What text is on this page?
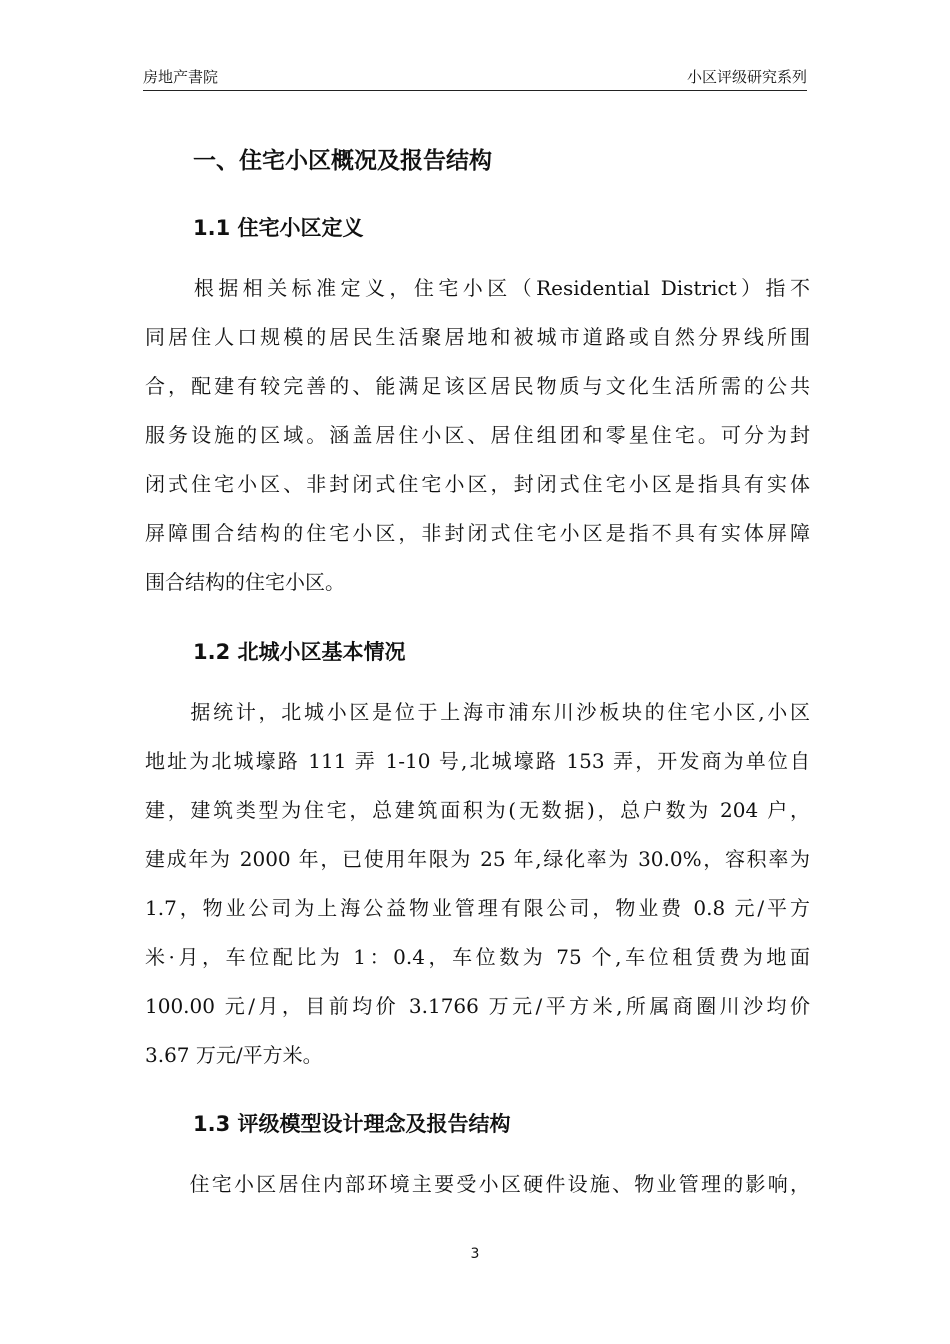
房地产書院	小区评级研究系列
一、住宅小区概况及报告结构
1.1 住宅小区定义
　　根据相关标准定义，住宅小区（Residential District）指不
同居住人口规模的居民生活聚居地和被城市道路或自然分界线所围
合，配建有较完善的、能满足该区居民物质与文化生活所需的公共
服务设施的区域。涵盖居住小区、居住组团和零星住宅。可分为封
闭式住宅小区、非封闭式住宅小区，封闭式住宅小区是指具有实体
屏障围合结构的住宅小区，非封闭式住宅小区是指不具有实体屏障
围合结构的住宅小区。
1.2 北城小区基本情况
　　据统计，北城小区是位于上海市浦东川沙板块的住宅小区,小区
地址为北城壕路 111 弄 1-10 号,北城壕路 153 弄，开发商为单位自
建，建筑类型为住宅，总建筑面积为(无数据)，总户数为 204 户，
建成年为 2000 年，已使用年限为 25 年,绿化率为 30.0%，容积率为
1.7，物业公司为上海公益物业管理有限公司，物业费 0.8 元/平方
米·月，车位配比为 1：0.4，车位数为 75 个,车位租赁费为地面
100.00 元/月，目前均价 3.1766 万元/平方米,所属商圈川沙均价
3.67 万元/平方米。
1.3 评级模型设计理念及报告结构
　　住宅小区居住内部环境主要受小区硬件设施、物业管理的影响，
3
